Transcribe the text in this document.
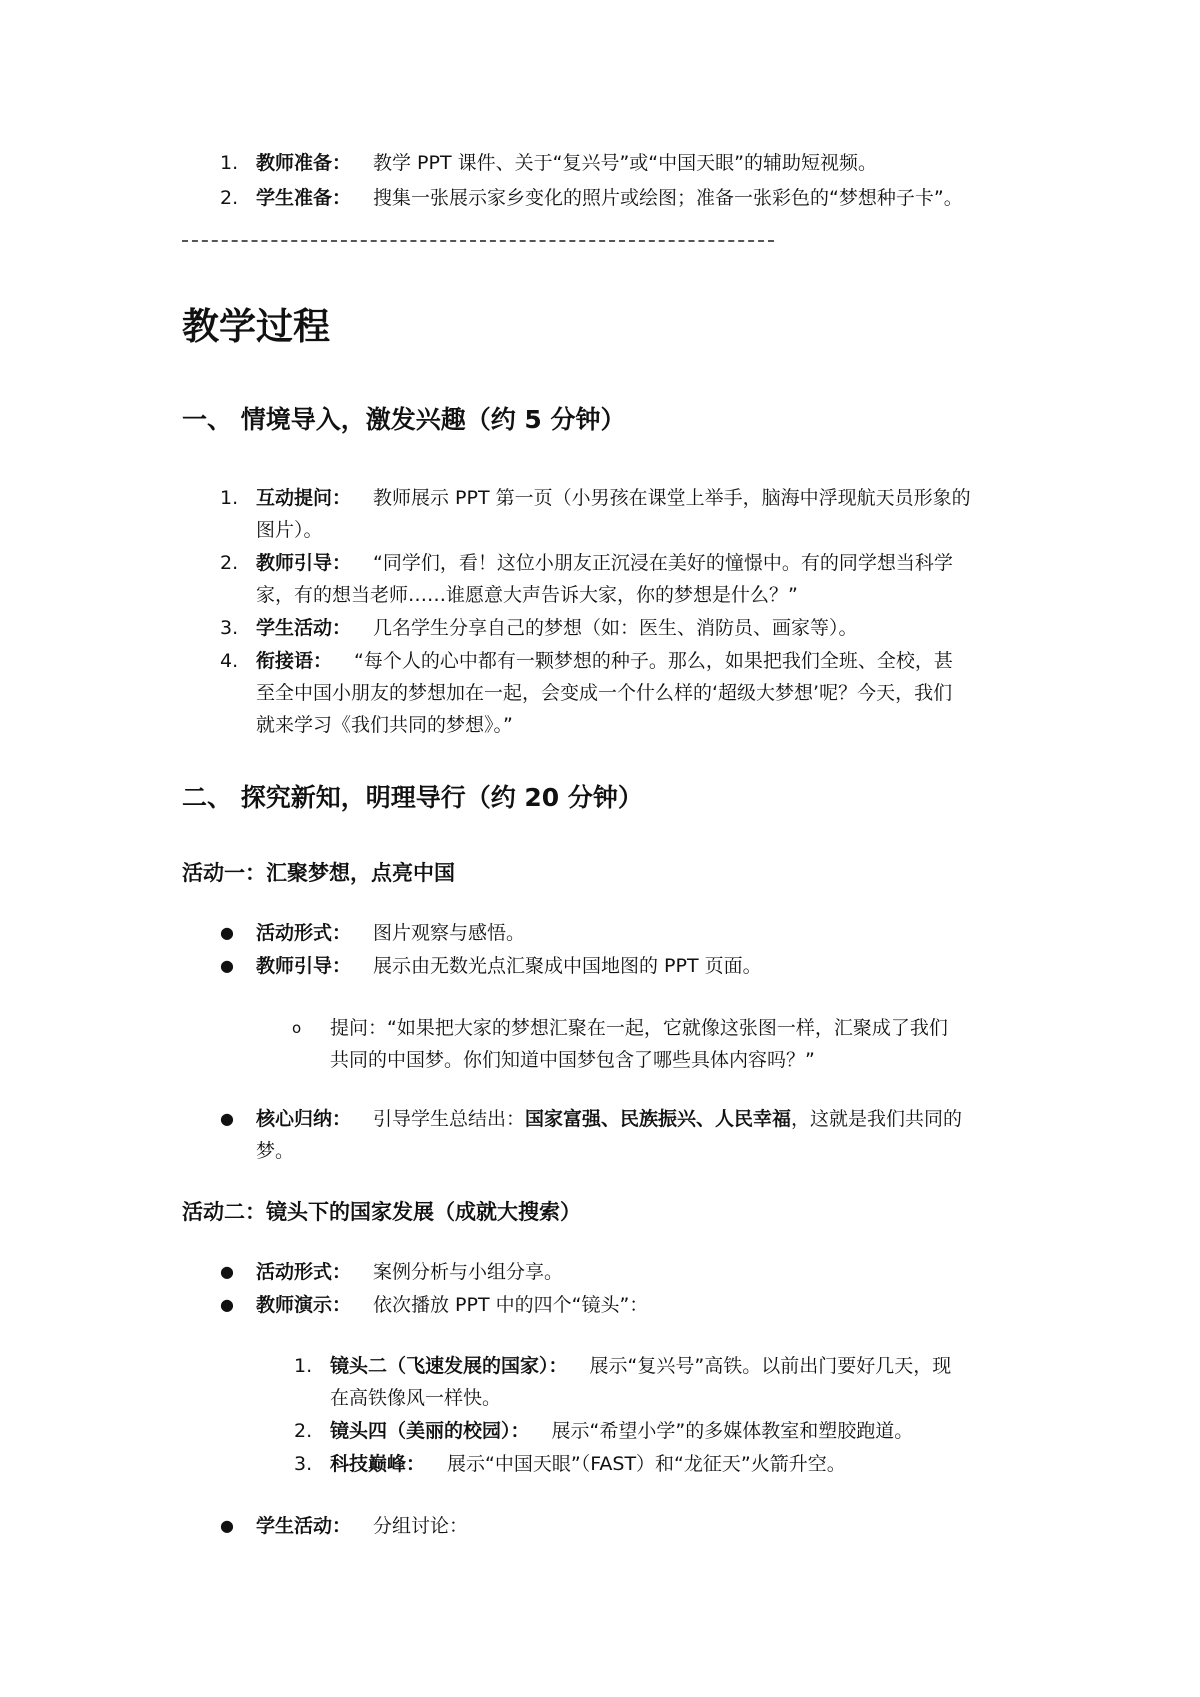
1. 教师准备： 教学 PPT 课件、关于“复兴号”或“中国天眼”的辅助短视频。
2. 学生准备： 搜集一张展示家乡变化的照片或绘图；准备一张彩色的“梦想种子卡”。
教学过程
一、 情境导入，激发兴趣（约 5 分钟）
1. 互动提问： 教师展示 PPT 第一页（小男孩在课堂上举手，脑海中浮现航天员形象的
图片）。
2. 教师引导： “同学们，看！这位小朋友正沉浸在美好的憧憬中。有的同学想当科学
家，有的想当老师……谁愿意大声告诉大家，你的梦想是什么？”
3. 学生活动： 几名学生分享自己的梦想（如：医生、消防员、画家等）。
4. 衔接语： “每个人的心中都有一颗梦想的种子。那么，如果把我们全班、全校，甚
至全中国小朋友的梦想加在一起，会变成一个什么样的‘超级大梦想’呢？今天，我们
就来学习《我们共同的梦想》。”
二、 探究新知，明理导行（约 20 分钟）
活动一：汇聚梦想，点亮中国
● 活动形式： 图片观察与感悟。
● 教师引导： 展示由无数光点汇聚成中国地图的 PPT 页面。
o 提问：“如果把大家的梦想汇聚在一起，它就像这张图一样，汇聚成了我们
共同的中国梦。你们知道中国梦包含了哪些具体内容吗？”
● 核心归纳： 引导学生总结出：国家富强、民族振兴、人民幸福，这就是我们共同的
梦。
活动二：镜头下的国家发展（成就大搜索）
● 活动形式： 案例分析与小组分享。
● 教师演示： 依次播放 PPT 中的四个“镜头”：
1. 镜头二（飞速发展的国家）： 展示“复兴号”高铁。以前出门要好几天，现
在高铁像风一样快。
2. 镜头四（美丽的校园）： 展示“希望小学”的多媒体教室和塑胶跑道。
3. 科技巅峰： 展示“中国天眼”（FAST）和“龙征天”火箭升空。
● 学生活动： 分组讨论：
